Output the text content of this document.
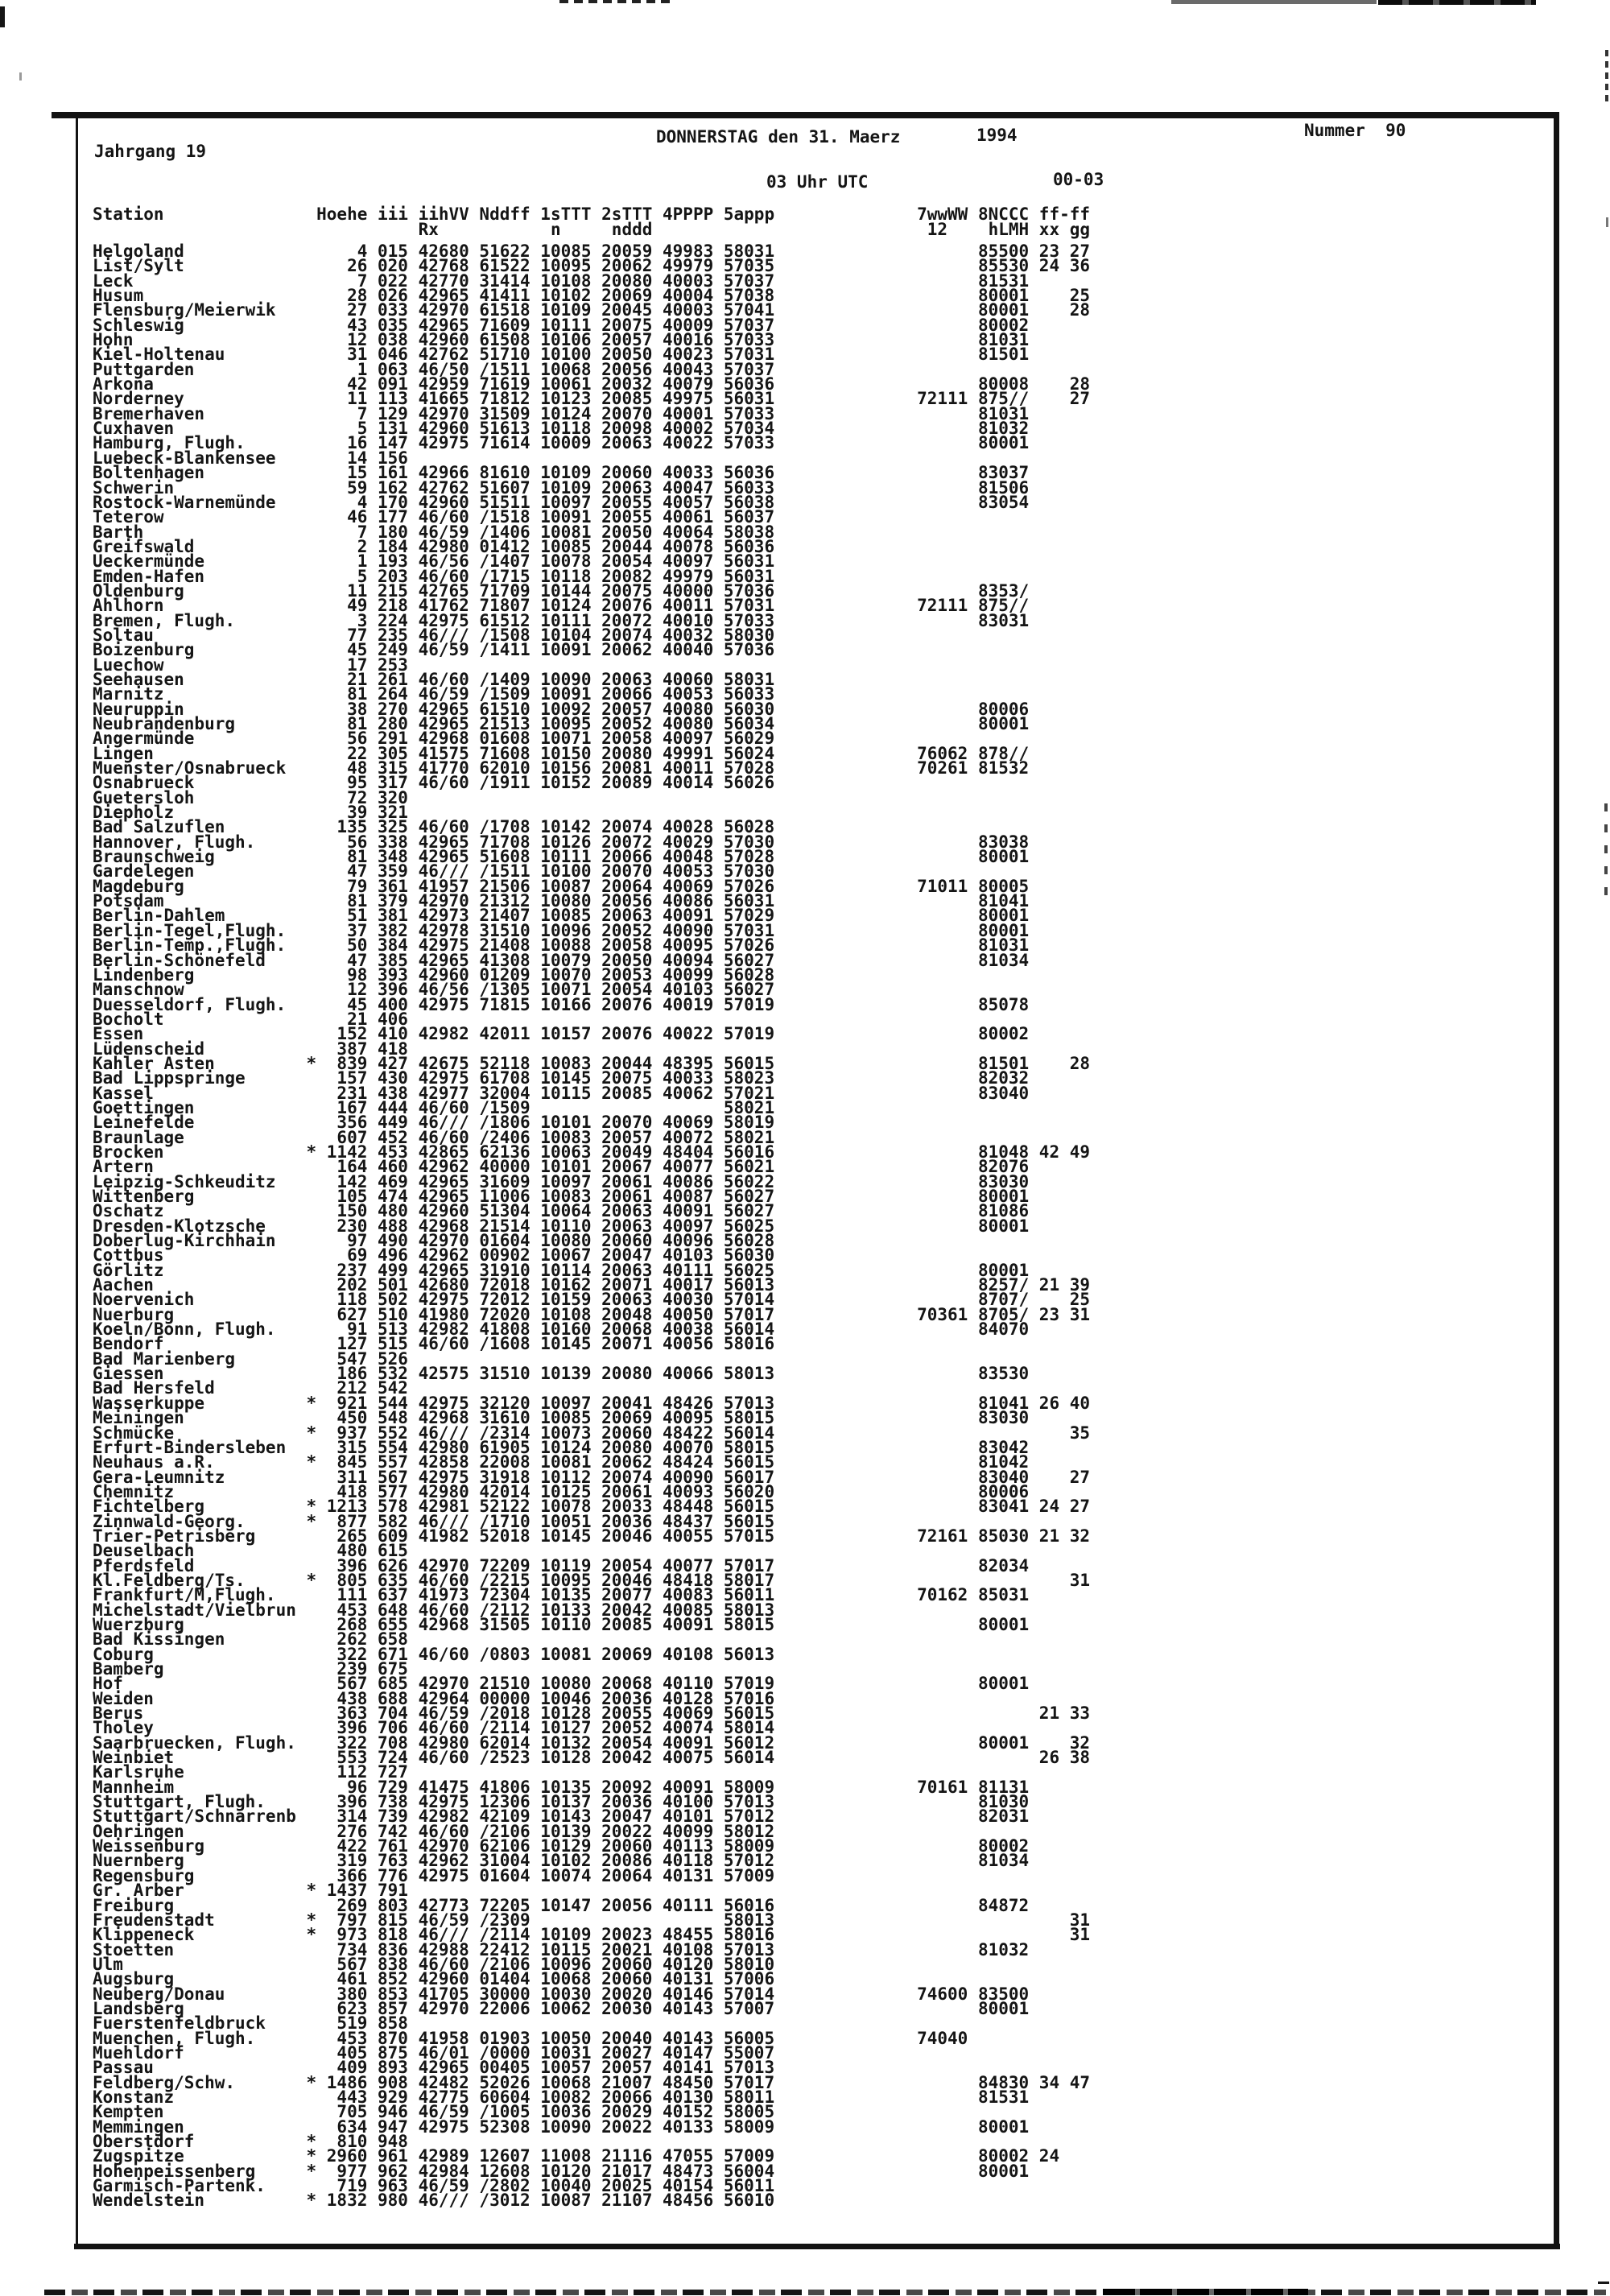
Jahrgang 19
DONNERSTAG den 31. Maerz	1994	Nummer  90
03 Uhr UTC	00-03
Station               Hoehe iii iihVV Nddff 1sTTT 2sTTT 4PPPP 5appp              7wwWW 8NCCC ff-ff
Rx           n     nddd                           12    hLMH xx gg
Helgoland                 4 015 42680 51622 10085 20059 49983 58031                    85500 23 27
List/Sylt                26 020 42768 61522 10095 20062 49979 57035                    85530 24 36
Leck                      7 022 42770 31414 10108 20080 40003 57037                    81531
Husum                    28 026 42965 41411 10102 20069 40004 57038                    80001    25
Flensburg/Meierwik       27 033 42970 61518 10109 20045 40003 57041                    80001    28
Schleswig                43 035 42965 71609 10111 20075 40009 57037                    80002
Hohn                     12 038 42960 61508 10106 20057 40016 57033                    81031
Kiel-Holtenau            31 046 42762 51710 10100 20050 40023 57031                    81501
Puttgarden                1 063 46/50 /1511 10068 20056 40043 57037
Arkona                   42 091 42959 71619 10061 20032 40079 56036                    80008    28
Norderney                11 113 41665 71812 10123 20085 49975 56031              72111 875//    27
Bremerhaven               7 129 42970 31509 10124 20070 40001 57033                    81031
Cuxhaven                  5 131 42960 51613 10118 20098 40002 57034                    81032
Hamburg, Flugh.          16 147 42975 71614 10009 20063 40022 57033                    80001
Luebeck-Blankensee       14 156
Boltenhagen              15 161 42966 81610 10109 20060 40033 56036                    83037
Schwerin                 59 162 42762 51607 10109 20063 40047 56033                    81506
Rostock-Warnemünde        4 170 42960 51511 10097 20055 40057 56038                    83054
Teterow                  46 177 46/60 /1518 10091 20055 40061 56037
Barth                     7 180 46/59 /1406 10081 20050 40064 58038
Greifswald                2 184 42980 01412 10085 20044 40078 56036
Ueckermünde               1 193 46/56 /1407 10078 20054 40097 56031
Emden-Hafen               5 203 46/60 /1715 10118 20082 49979 56031
Oldenburg                11 215 42765 71709 10144 20075 40000 57036                    8353/
Ahlhorn                  49 218 41762 71807 10124 20076 40011 57031              72111 875//
Bremen, Flugh.            3 224 42975 61512 10111 20072 40010 57033                    83031
Soltau                   77 235 46/// /1508 10104 20074 40032 58030
Boizenburg               45 249 46/59 /1411 10091 20062 40040 57036
Luechow                  17 253
Seehausen                21 261 46/60 /1409 10090 20063 40060 58031
Marnitz                  81 264 46/59 /1509 10091 20066 40053 56033
Neuruppin                38 270 42965 61510 10092 20057 40080 56030                    80006
Neubrandenburg           81 280 42965 21513 10095 20052 40080 56034                    80001
Angermünde               56 291 42968 01608 10071 20058 40097 56029
Lingen                   22 305 41575 71608 10150 20080 49991 56024              76062 878//
Muenster/Osnabrueck      48 315 41770 62010 10156 20081 40011 57028              70261 81532
Osnabrueck               95 317 46/60 /1911 10152 20089 40014 56026
Guetersloh               72 320
Diepholz                 39 321
Bad Salzuflen           135 325 46/60 /1708 10142 20074 40028 56028
Hannover, Flugh.         56 338 42965 71708 10126 20072 40029 57030                    83038
Braunschweig             81 348 42965 51608 10111 20066 40048 57028                    80001
Gardelegen               47 359 46/// /1511 10100 20070 40053 57030
Magdeburg                79 361 41957 21506 10087 20064 40069 57026              71011 80005
Potsdam                  81 379 42970 21312 10080 20056 40086 56031                    81041
Berlin-Dahlem            51 381 42973 21407 10085 20063 40091 57029                    80001
Berlin-Tegel,Flugh.      37 382 42978 31510 10096 20052 40090 57031                    80001
Berlin-Temp.,Flugh.      50 384 42975 21408 10088 20058 40095 57026                    81031
Berlin-Schönefeld        47 385 42965 41308 10079 20050 40094 56027                    81034
Lindenberg               98 393 42960 01209 10070 20053 40099 56028
Manschnow                12 396 46/56 /1305 10071 20054 40103 56027
Duesseldorf, Flugh.      45 400 42975 71815 10166 20076 40019 57019                    85078
Bocholt                  21 406
Essen                   152 410 42982 42011 10157 20076 40022 57019                    80002
Lüdenscheid             387 418
Kahler Asten         *  839 427 42675 52118 10083 20044 48395 56015                    81501    28
Bad Lippspringe         157 430 42975 61708 10145 20075 40033 58023                    82032
Kassel                  231 438 42977 32004 10115 20085 40062 57021                    83040
Goettingen              167 444 46/60 /1509                   58021
Leinefelde              356 449 46/// /1806 10101 20070 40069 58019
Braunlage               607 452 46/60 /2406 10083 20057 40072 58021
Brocken              * 1142 453 42865 62136 10063 20049 48404 56016                    81048 42 49
Artern                  164 460 42962 40000 10101 20067 40077 56021                    82076
Leipzig-Schkeuditz      142 469 42965 31609 10097 20061 40086 56022                    83030
Wittenberg              105 474 42965 11006 10083 20061 40087 56027                    80001
Oschatz                 150 480 42960 51304 10064 20063 40091 56027                    81086
Dresden-Klotzsche       230 488 42968 21514 10110 20063 40097 56025                    80001
Doberlug-Kirchhain       97 490 42970 01604 10080 20060 40096 56028
Cottbus                  69 496 42962 00902 10067 20047 40103 56030
Görlitz                 237 499 42965 31910 10114 20063 40111 56025                    80001
Aachen                  202 501 42680 72018 10162 20071 40017 56013                    8257/ 21 39
Noervenich              118 502 42975 72012 10159 20063 40030 57014                    8707/    25
Nuerburg                627 510 41980 72020 10108 20048 40050 57017              70361 8705/ 23 31
Koeln/Bonn, Flugh.       91 513 42982 41808 10160 20068 40038 56014                    84070
Bendorf                 127 515 46/60 /1608 10145 20071 40056 58016
Bad Marienberg          547 526
Giessen                 186 532 42575 31510 10139 20080 40066 58013                    83530
Bad Hersfeld            212 542
Wasserkuppe          *  921 544 42975 32120 10097 20041 48426 57013                    81041 26 40
Meiningen               450 548 42968 31610 10085 20069 40095 58015                    83030
Schmücke             *  937 552 46/// /2314 10073 20060 48422 56014                             35
Erfurt-Bindersleben     315 554 42980 61905 10124 20080 40070 58015                    83042
Neuhaus a.R.         *  845 557 42858 22008 10081 20062 48424 56015                    81042
Gera-Leumnitz           311 567 42975 31918 10112 20074 40090 56017                    83040    27
Chemnitz                418 577 42980 42014 10125 20061 40093 56020                    80006
Fichtelberg          * 1213 578 42981 52122 10078 20033 48448 56015                    83041 24 27
Zinnwald-Georg.      *  877 582 46/// /1710 10051 20036 48437 56015
Trier-Petrisberg        265 609 41982 52018 10145 20046 40055 57015              72161 85030 21 32
Deuselbach              480 615
Pferdsfeld              396 626 42970 72209 10119 20054 40077 57017                    82034
Kl.Feldberg/Ts.      *  805 635 46/60 /2215 10095 20046 48418 58017                             31
Frankfurt/M,Flugh.      111 637 41973 72304 10135 20077 40083 56011              70162 85031
Michelstadt/Vielbrun    453 648 46/60 /2112 10133 20042 40085 58013
Wuerzburg               268 655 42968 31505 10110 20085 40091 58015                    80001
Bad Kissingen           262 658
Coburg                  322 671 46/60 /0803 10081 20069 40108 56013
Bamberg                 239 675
Hof                     567 685 42970 21510 10080 20068 40110 57019                    80001
Weiden                  438 688 42964 00000 10046 20036 40128 57016
Berus                   363 704 46/59 /2018 10128 20055 40069 56015                          21 33
Tholey                  396 706 46/60 /2114 10127 20052 40074 58014
Saarbruecken, Flugh.    322 708 42980 62014 10132 20054 40091 56012                    80001    32
Weinbiet                553 724 46/60 /2523 10128 20042 40075 56014                          26 38
Karlsruhe               112 727
Mannheim                 96 729 41475 41806 10135 20092 40091 58009              70161 81131
Stuttgart, Flugh.       396 738 42975 12306 10137 20036 40100 57013                    81030
Stuttgart/Schnarrenb    314 739 42982 42109 10143 20047 40101 57012                    82031
Oehringen               276 742 46/60 /2106 10139 20022 40099 58012
Weissenburg             422 761 42970 62106 10129 20060 40113 58009                    80002
Nuernberg               319 763 42962 31004 10102 20086 40118 57012                    81034
Regensburg              366 776 42975 01604 10074 20064 40131 57009
Gr. Arber            * 1437 791
Freiburg                269 803 42773 72205 10147 20056 40111 56016                    84872
Freudenstadt         *  797 815 46/59 /2309                   58013                             31
Klippeneck           *  973 818 46/// /2114 10109 20023 48455 58016                             31
Stoetten                734 836 42988 22412 10115 20021 40108 57013                    81032
Ulm                     567 838 46/60 /2106 10096 20060 40120 58010
Augsburg                461 852 42960 01404 10068 20060 40131 57006
Neuberg/Donau           380 853 41705 30000 10030 20020 40146 57014              74600 83500
Landsberg               623 857 42970 22006 10062 20030 40143 57007                    80001
Fuerstenfeldbruck       519 858
Muenchen, Flugh.        453 870 41958 01903 10050 20040 40143 56005              74040
Muehldorf               405 875 46/01 /0000 10031 20027 40147 55007
Passau                  409 893 42965 00405 10057 20057 40141 57013
Feldberg/Schw.       * 1486 908 42482 52026 10068 21007 48450 57017                    84830 34 47
Konstanz                443 929 42775 60604 10082 20066 40130 58011                    81531
Kempten                 705 946 46/59 /1005 10036 20029 40152 58005
Memmingen               634 947 42975 52308 10090 20022 40133 58009                    80001
Oberstdorf           *  810 948
Zugspitze            * 2960 961 42989 12607 11008 21116 47055 57009                    80002 24
Hohenpeissenberg     *  977 962 42984 12608 10120 21017 48473 56004                    80001
Garmisch-Partenk.       719 963 46/59 /2802 10040 20025 40154 56011
Wendelstein          * 1832 980 46/// /3012 10087 21107 48456 56010
